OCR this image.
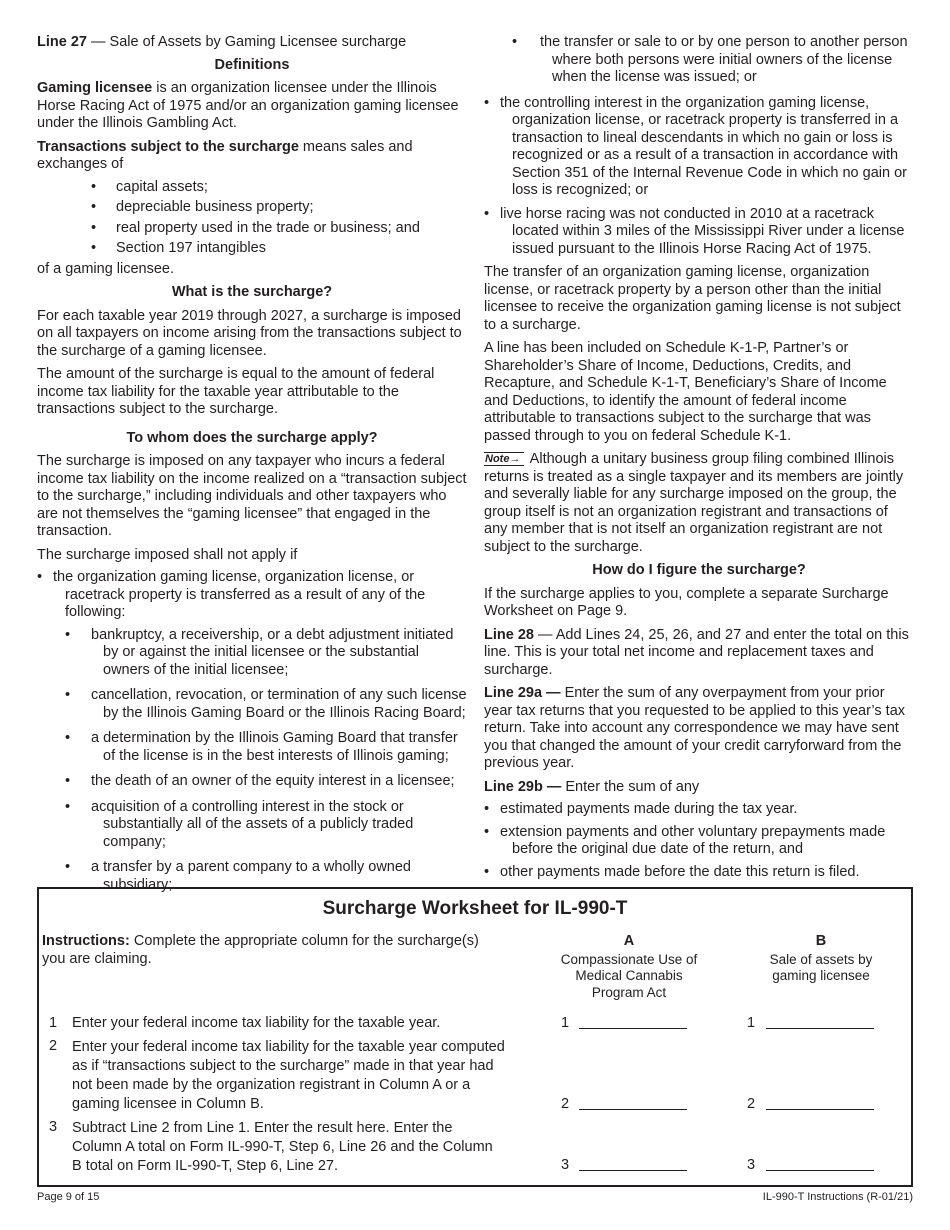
Line 27 — Sale of Assets by Gaming Licensee surcharge

Definitions

Gaming licensee is an organization licensee under the Illinois Horse Racing Act of 1975 and/or an organization gaming licensee under the Illinois Gambling Act.

Transactions subject to the surcharge means sales and exchanges of

• capital assets;
• depreciable business property;
• real property used in the trade or business; and
• Section 197 intangibles

of a gaming licensee.

What is the surcharge?

For each taxable year 2019 through 2027, a surcharge is imposed on all taxpayers on income arising from the transactions subject to the surcharge of a gaming licensee.

The amount of the surcharge is equal to the amount of federal income tax liability for the taxable year attributable to the transactions subject to the surcharge.

To whom does the surcharge apply?

The surcharge is imposed on any taxpayer who incurs a federal income tax liability on the income realized on a “transaction subject to the surcharge,” including individuals and other taxpayers who are not themselves the “gaming licensee” that engaged in the transaction.

The surcharge imposed shall not apply if

• the organization gaming license, organization license, or racetrack property is transferred as a result of any of the following:
• bankruptcy, a receivership, or a debt adjustment initiated by or against the initial licensee or the substantial owners of the initial licensee;
• cancellation, revocation, or termination of any such license by the Illinois Gaming Board or the Illinois Racing Board;
• a determination by the Illinois Gaming Board that transfer of the license is in the best interests of Illinois gaming;
• the death of an owner of the equity interest in a licensee;
• acquisition of a controlling interest in the stock or substantially all of the assets of a publicly traded company;
• a transfer by a parent company to a wholly owned subsidiary;
• the transfer or sale to or by one person to another person where both persons were initial owners of the license when the license was issued; or
• the controlling interest in the organization gaming license, organization license, or racetrack property is transferred in a transaction to lineal descendants in which no gain or loss is recognized or as a result of a transaction in accordance with Section 351 of the Internal Revenue Code in which no gain or loss is recognized; or
• live horse racing was not conducted in 2010 at a racetrack located within 3 miles of the Mississippi River under a license issued pursuant to the Illinois Horse Racing Act of 1975.

The transfer of an organization gaming license, organization license, or racetrack property by a person other than the initial licensee to receive the organization gaming license is not subject to a surcharge.

A line has been included on Schedule K-1-P, Partner’s or Shareholder’s Share of Income, Deductions, Credits, and Recapture, and Schedule K-1-T, Beneficiary’s Share of Income and Deductions, to identify the amount of federal income attributable to transactions subject to the surcharge that was passed through to you on federal Schedule K-1.

Note→ Although a unitary business group filing combined Illinois returns is treated as a single taxpayer and its members are jointly and severally liable for any surcharge imposed on the group, the group itself is not an organization registrant and transactions of any member that is not itself an organization registrant are not subject to the surcharge.

How do I figure the surcharge?

If the surcharge applies to you, complete a separate Surcharge Worksheet on Page 9.

Line 28 — Add Lines 24, 25, 26, and 27 and enter the total on this line. This is your total net income and replacement taxes and surcharge.

Line 29a — Enter the sum of any overpayment from your prior year tax returns that you requested to be applied to this year’s tax return. Take into account any correspondence we may have sent you that changed the amount of your credit carryforward from the previous year.

Line 29b — Enter the sum of any

• estimated payments made during the tax year.
• extension payments and other voluntary prepayments made before the original due date of the return, and
• other payments made before the date this return is filed.
Surcharge Worksheet for IL-990-T
Instructions: Complete the appropriate column for the surcharge(s) you are claiming.
A
Compassionate Use of Medical Cannabis Program Act
B
Sale of assets by gaming licensee
1 Enter your federal income tax liability for the taxable year.	1	1
2 Enter your federal income tax liability for the taxable year computed as if “transactions subject to the surcharge” made in that year had not been made by the organization registrant in Column A or a gaming licensee in Column B.	2	2
3 Subtract Line 2 from Line 1. Enter the result here. Enter the Column A total on Form IL-990-T, Step 6, Line 26 and the Column B total on Form IL-990-T, Step 6, Line 27.	3	3
Page 9 of 15	IL-990-T Instructions (R-01/21)
